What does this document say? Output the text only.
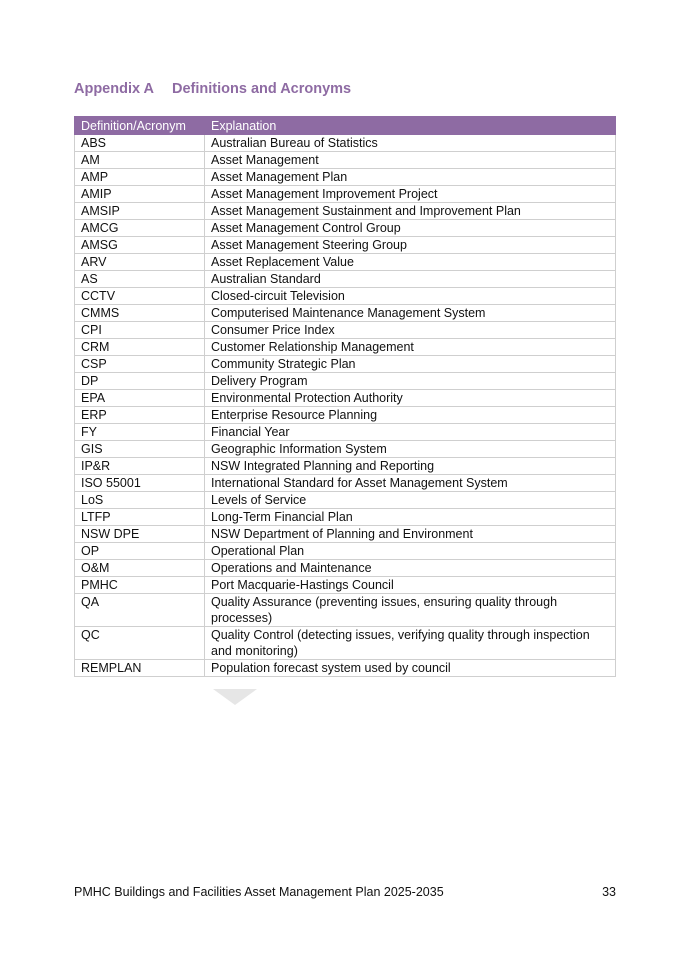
Appendix A Definitions and Acronyms
Definition/Acronym	Explanation
ABS	Australian Bureau of Statistics
AM	Asset Management
AMP	Asset Management Plan
AMIP	Asset Management Improvement Project
AMSIP	Asset Management Sustainment and Improvement Plan
AMCG	Asset Management Control Group
AMSG	Asset Management Steering Group
ARV	Asset Replacement Value
AS	Australian Standard
CCTV	Closed-circuit Television
CMMS	Computerised Maintenance Management System
CPI	Consumer Price Index
CRM	Customer Relationship Management
CSP	Community Strategic Plan
DP	Delivery Program
EPA	Environmental Protection Authority
ERP	Enterprise Resource Planning
FY	Financial Year
GIS	Geographic Information System
IP&R	NSW Integrated Planning and Reporting
ISO 55001	International Standard for Asset Management System
LoS	Levels of Service
LTFP	Long-Term Financial Plan
NSW DPE	NSW Department of Planning and Environment
OP	Operational Plan
O&M	Operations and Maintenance
PMHC	Port Macquarie-Hastings Council
QA	Quality Assurance (preventing issues, ensuring quality through processes)
QC	Quality Control (detecting issues, verifying quality through inspection and monitoring)
REMPLAN	Population forecast system used by council
PMHC Buildings and Facilities Asset Management Plan 2025-2035	33
